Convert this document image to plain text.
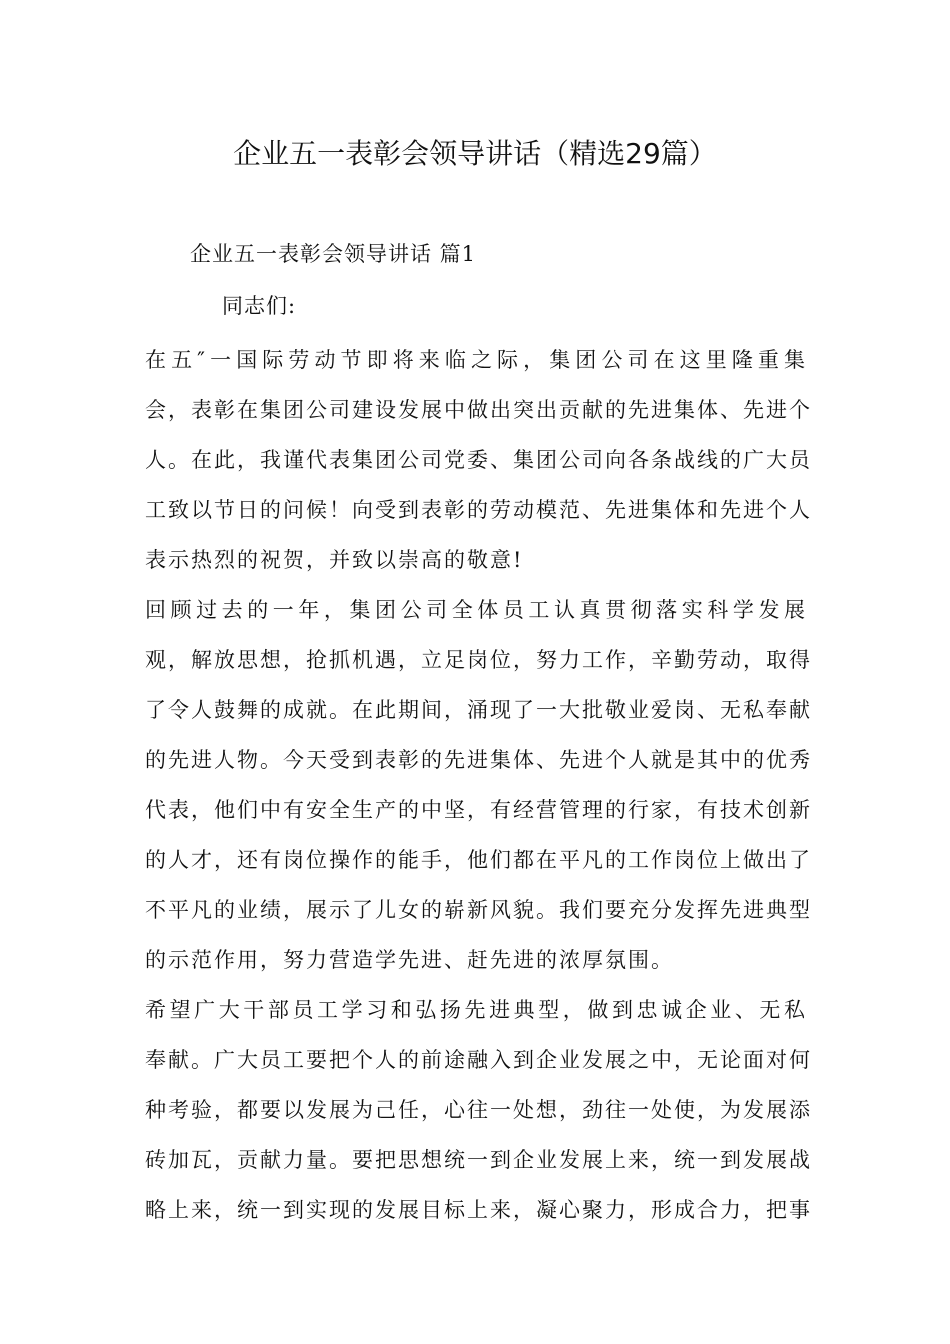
企业五一表彰会领导讲话（精选29篇）
企业五一表彰会领导讲话 篇1
同志们:
在五″一国际劳动节即将来临之际，集团公司在这里隆重集
会，表彰在集团公司建设发展中做出突出贡献的先进集体、先进个
人。在此，我谨代表集团公司党委、集团公司向各条战线的广大员
工致以节日的问候！向受到表彰的劳动模范、先进集体和先进个人
表示热烈的祝贺，并致以崇高的敬意!
回顾过去的一年，集团公司全体员工认真贯彻落实科学发展
观，解放思想，抢抓机遇，立足岗位，努力工作，辛勤劳动，取得
了令人鼓舞的成就。在此期间，涌现了一大批敬业爱岗、无私奉献
的先进人物。今天受到表彰的先进集体、先进个人就是其中的优秀
代表，他们中有安全生产的中坚，有经营管理的行家，有技术创新
的人才，还有岗位操作的能手，他们都在平凡的工作岗位上做出了
不平凡的业绩，展示了儿女的崭新风貌。我们要充分发挥先进典型
的示范作用，努力营造学先进、赶先进的浓厚氛围。
希望广大干部员工学习和弘扬先进典型，做到忠诚企业、无私
奉献。广大员工要把个人的前途融入到企业发展之中，无论面对何
种考验，都要以发展为己任，心往一处想，劲往一处使，为发展添
砖加瓦，贡献力量。要把思想统一到企业发展上来，统一到发展战
略上来，统一到实现的发展目标上来，凝心聚力，形成合力，把事
